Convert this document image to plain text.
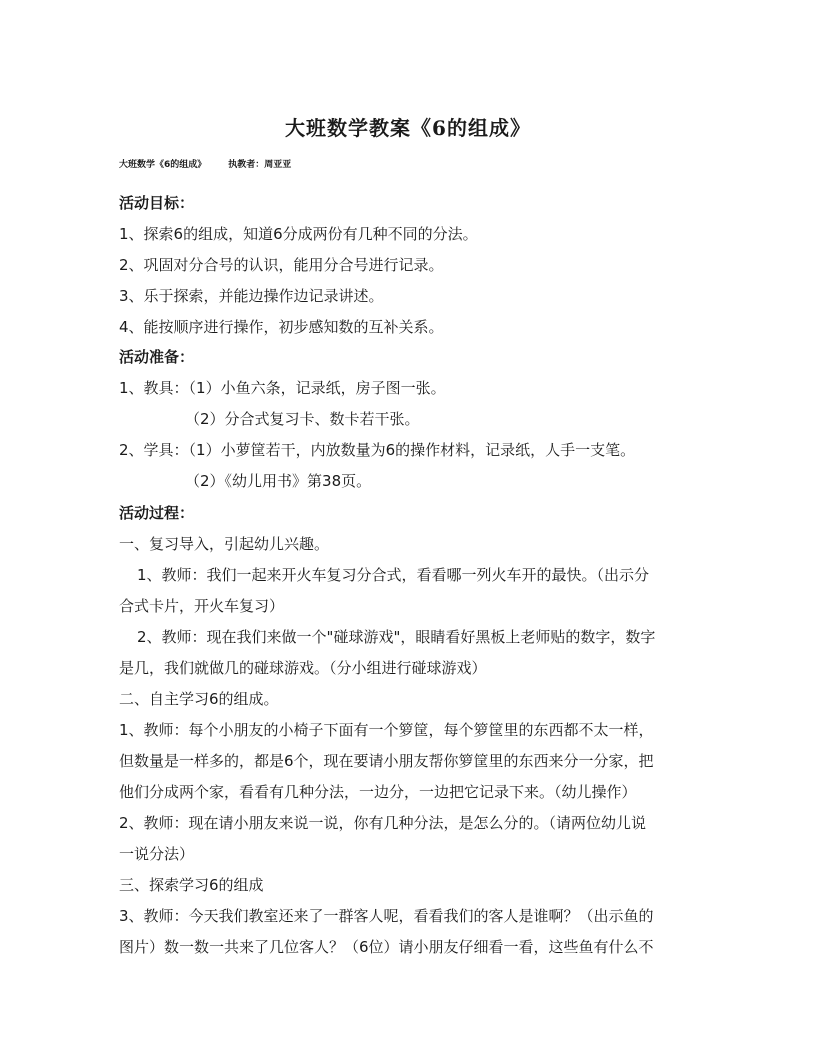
大班数学教案《6的组成》
大班数学《6的组成》 执教者：周亚亚
活动目标：
1、探索6的组成，知道6分成两份有几种不同的分法。
2、巩固对分合号的认识，能用分合号进行记录。
3、乐于探索，并能边操作边记录讲述。
4、能按顺序进行操作，初步感知数的互补关系。
活动准备：
1、教具：（1）小鱼六条，记录纸，房子图一张。
（2）分合式复习卡、数卡若干张。
2、学具：（1）小萝筐若干，内放数量为6的操作材料，记录纸，人手一支笔。
（2）《幼儿用书》第38页。
活动过程：
一、复习导入，引起幼儿兴趣。
1、教师：我们一起来开火车复习分合式，看看哪一列火车开的最快。（出示分
合式卡片，开火车复习）
2、教师：现在我们来做一个"碰球游戏"，眼睛看好黑板上老师贴的数字，数字
是几，我们就做几的碰球游戏。（分小组进行碰球游戏）
二、自主学习6的组成。
1、教师：每个小朋友的小椅子下面有一个箩筐，每个箩筐里的东西都不太一样，
但数量是一样多的，都是6个，现在要请小朋友帮你箩筐里的东西来分一分家，把
他们分成两个家，看看有几种分法，一边分，一边把它记录下来。（幼儿操作）
2、教师：现在请小朋友来说一说，你有几种分法，是怎么分的。（请两位幼儿说
一说分法）
三、探索学习6的组成
3、教师：今天我们教室还来了一群客人呢，看看我们的客人是谁啊？（出示鱼的
图片）数一数一共来了几位客人？（6位）请小朋友仔细看一看，这些鱼有什么不
